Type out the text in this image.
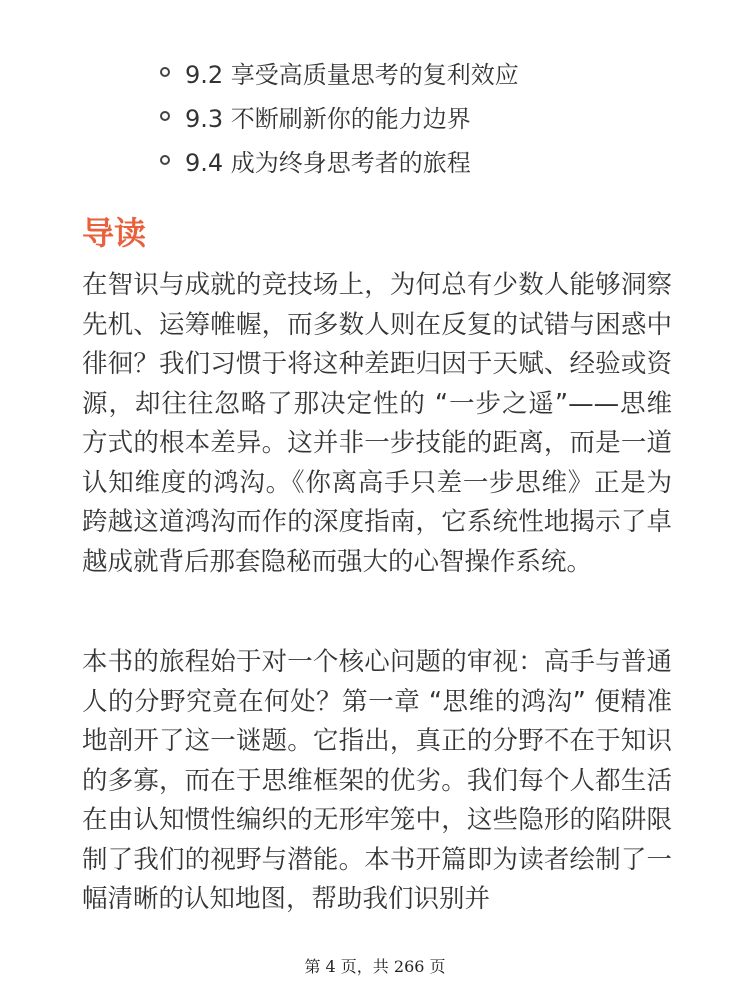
9.2 享受高质量思考的复利效应
9.3 不断刷新你的能力边界
9.4 成为终身思考者的旅程
导读

在智识与成就的竞技场上，为何总有少数人能够洞察先机、运筹帷幄，而多数人则在反复的试错与困惑中徘徊？我们习惯于将这种差距归因于天赋、经验或资源，却往往忽略了那决定性的 “一步之遥”——思维方式的根本差异。这并非一步技能的距离，而是一道认知维度的鸿沟。《你离高手只差一步思维》正是为跨越这道鸿沟而作的深度指南，它系统性地揭示了卓越成就背后那套隐秘而强大的心智操作系统。

本书的旅程始于对一个核心问题的审视：高手与普通人的分野究竟在何处？第一章 “思维的鸿沟” 便精准地剖开了这一谜题。它指出，真正的分野不在于知识的多寡，而在于思维框架的优劣。我们每个人都生活在由认知惯性编织的无形牢笼中，这些隐形的陷阱限制了我们的视野与潜能。本书开篇即为读者绘制了一幅清晰的认知地图，帮助我们识别并

第 4 页，共 266 页
